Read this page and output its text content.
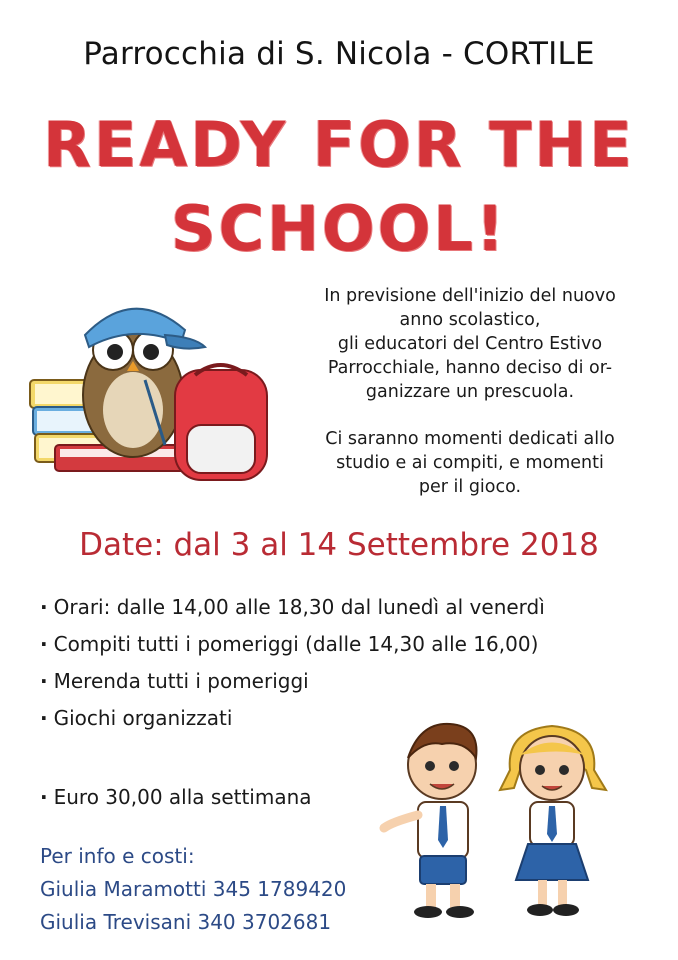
Parrocchia di S. Nicola - CORTILE
READY FOR THE
SCHOOL!
In previsione dell'inizio del nuovo
anno scolastico,
gli educatori del Centro Estivo
Parrocchiale, hanno deciso di or-
ganizzare un prescuola.
Ci saranno momenti dedicati allo
studio e ai compiti, e momenti
per il gioco.
Date: dal 3 al 14 Settembre 2018
· Orari: dalle 14,00 alle 18,30 dal lunedì al venerdì
· Compiti tutti i pomeriggi (dalle 14,30 alle 16,00)
· Merenda tutti i pomeriggi
· Giochi organizzati
· Euro 30,00 alla settimana
Per info e costi:
Giulia Maramotti 345 1789420
Giulia Trevisani 340 3702681
